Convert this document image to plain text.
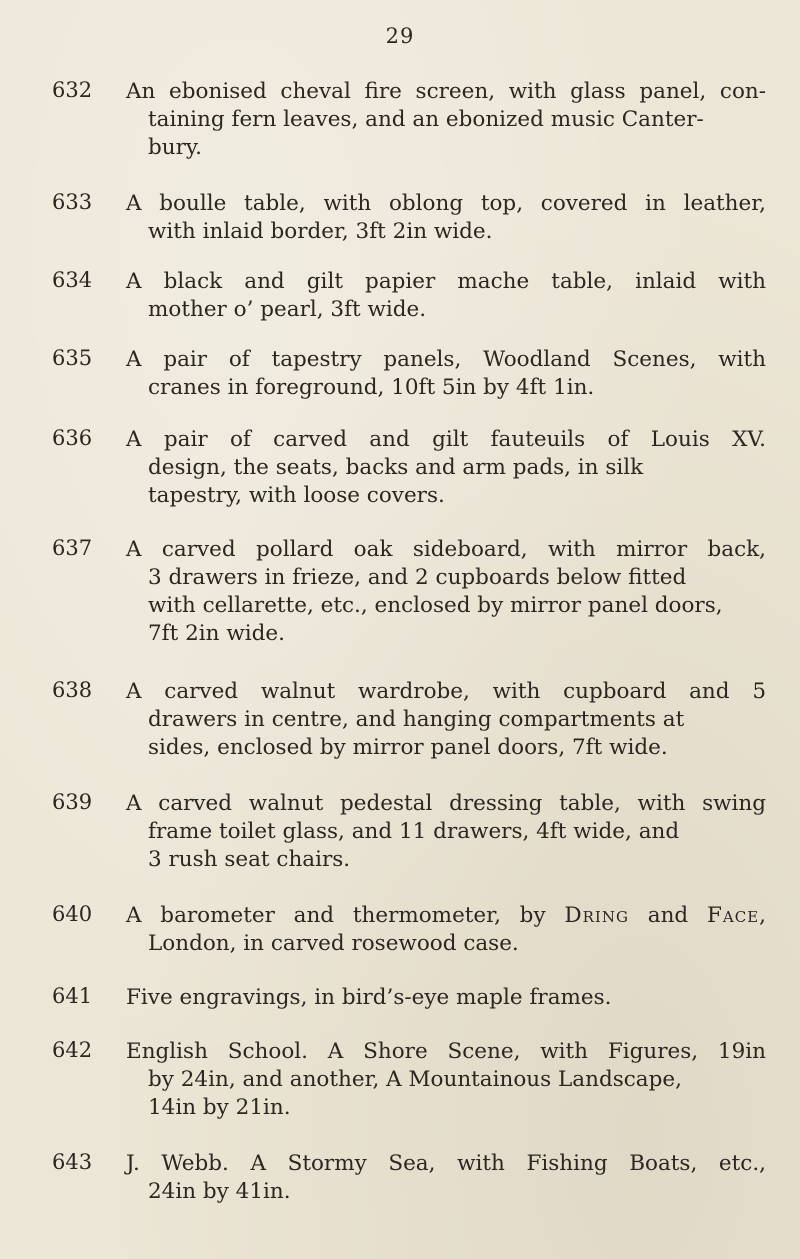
29
632	An ebonised cheval fire screen, with glass panel, con-
taining fern leaves, and an ebonized music Canter-
bury.
633	A boulle table, with oblong top, covered in leather,
with inlaid border, 3ft 2in wide.
634	A black and gilt papier mache table, inlaid with
mother o’ pearl, 3ft wide.
635	A pair of tapestry panels, Woodland Scenes, with
cranes in foreground, 10ft 5in by 4ft 1in.
636	A pair of carved and gilt fauteuils of Louis XV.
design, the seats, backs and arm pads, in silk
tapestry, with loose covers.
637	A carved pollard oak sideboard, with mirror back,
3 drawers in frieze, and 2 cupboards below fitted
with cellarette, etc., enclosed by mirror panel doors,
7ft 2in wide.
638	A carved walnut wardrobe, with cupboard and 5
drawers in centre, and hanging compartments at
sides, enclosed by mirror panel doors, 7ft wide.
639	A carved walnut pedestal dressing table, with swing
frame toilet glass, and 11 drawers, 4ft wide, and
3 rush seat chairs.
640	A barometer and thermometer, by Dring and Face,
London, in carved rosewood case.
641	Five engravings, in bird’s-eye maple frames.
642	English School. A Shore Scene, with Figures, 19in
by 24in, and another, A Mountainous Landscape,
14in by 21in.
643	J. Webb. A Stormy Sea, with Fishing Boats, etc.,
24in by 41in.
